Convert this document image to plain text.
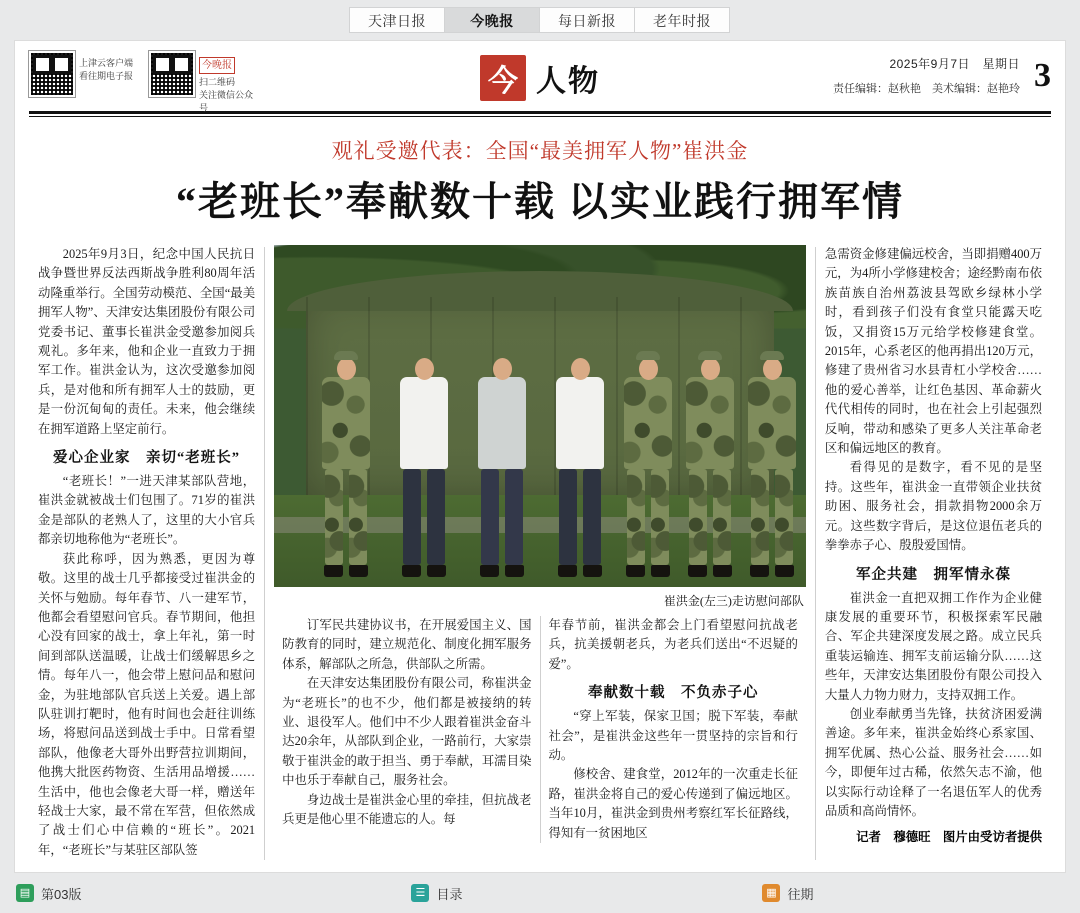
天津日报	今晚报	每日新报	老年时报
上津云客户端
看往期电子报
今晚报
扫二维码
关注微信公众号
今 人物
2025年9月7日　星期日
责任编辑：赵秋艳　美术编辑：赵艳玲 3
观礼受邀代表：全国“最美拥军人物”崔洪金
“老班长”奉献数十载 以实业践行拥军情

2025年9月3日，纪念中国人民抗日战争暨世界反法西斯战争胜利80周年活动隆重举行。全国劳动模范、全国“最美拥军人物”、天津安达集团股份有限公司党委书记、董事长崔洪金受邀参加阅兵观礼。多年来，他和企业一直致力于拥军工作。崔洪金认为，这次受邀参加阅兵，是对他和所有拥军人士的鼓励，更是一份沉甸甸的责任。未来，他会继续在拥军道路上坚定前行。

爱心企业家　亲切“老班长”

“老班长！”一进天津某部队营地，崔洪金就被战士们包围了。71岁的崔洪金是部队的老熟人了，这里的大小官兵都亲切地称他为“老班长”。

获此称呼，因为熟悉，更因为尊敬。这里的战士几乎都接受过崔洪金的关怀与勉励。每年春节、八一建军节，他都会看望慰问官兵。春节期间，他担心没有回家的战士，拿上年礼，第一时间到部队送温暖，让战士们缓解思乡之情。每年八一，他会带上慰问品和慰问金，为驻地部队官兵送上关爱。遇上部队驻训打靶时，他有时间也会赶往训练场，将慰问品送到战士手中。日常看望部队，他像老大哥外出野营拉训期间，他携大批医药物资、生活用品增援……生活中，他也会像老大哥一样，赠送年轻战士大家，最不常在军营，但依然成了战士们心中信赖的“班长”。2021年，“老班长”与某驻区部队签

崔洪金(左三)走访慰问部队

订军民共建协议书，在开展爱国主义、国防教育的同时，建立规范化、制度化拥军服务体系，解部队之所急，供部队之所需。

在天津安达集团股份有限公司，称崔洪金为“老班长”的也不少，他们都是被接纳的转业、退役军人。他们中不少人跟着崔洪金奋斗达20余年，从部队到企业，一路前行，大家崇敬于崔洪金的敢于担当、勇于奉献，耳濡目染中也乐于奉献自己，服务社会。

身边战士是崔洪金心里的牵挂，但抗战老兵更是他心里不能遗忘的人。每

年春节前，崔洪金都会上门看望慰问抗战老兵，抗美援朝老兵，为老兵们送出“不迟疑的爱”。

奉献数十载　不负赤子心

“穿上军装，保家卫国；脱下军装，奉献社会”，是崔洪金这些年一贯坚持的宗旨和行动。

修校舍、建食堂，2012年的一次重走长征路，崔洪金将自己的爱心传递到了偏远地区。当年10月，崔洪金到贵州考察红军长征路线，得知有一贫困地区

急需资金修建偏远校舍，当即捐赠400万元，为4所小学修建校舍；途经黔南布依族苗族自治州荔波县驾欧乡绿林小学时，看到孩子们没有食堂只能露天吃饭，又捐资15万元给学校修建食堂。2015年，心系老区的他再捐出120万元，修建了贵州省习水县青杠小学校舍……他的爱心善举，让红色基因、革命薪火代代相传的同时，也在社会上引起强烈反响，带动和感染了更多人关注革命老区和偏远地区的教育。

看得见的是数字，看不见的是坚持。这些年，崔洪金一直带领企业扶贫助困、服务社会，捐款捐物2000余万元。这些数字背后，是这位退伍老兵的拳拳赤子心、殷殷爱国情。

军企共建　拥军情永葆

崔洪金一直把双拥工作作为企业健康发展的重要环节，积极探索军民融合、军企共建深度发展之路。成立民兵重装运输连、拥军支前运输分队……这些年，天津安达集团股份有限公司投入大量人力物力财力，支持双拥工作。

创业奉献勇当先锋，扶贫济困爱满善途。多年来，崔洪金始终心系家国、拥军优属、热心公益、服务社会……如今，即便年过古稀，依然矢志不渝，他以实际行动诠释了一名退伍军人的优秀品质和高尚情怀。

记者　穆德旺　图片由受访者提供
▤ 第03版	☰ 目录	▦ 往期
